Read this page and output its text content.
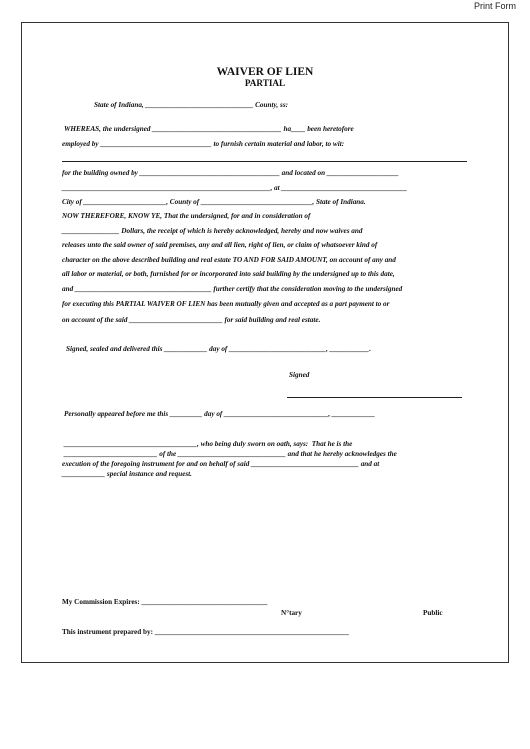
Print Form
WAIVER OF LIEN
PARTIAL
State of Indiana, ______________________________ County, ss:
WHEREAS, the undersigned ____________________________________ ha____ been heretofore
employed by _______________________________ to furnish certain material and labor, to wit:
for the building owned by _______________________________________ and located on ____________________
__________________________________________________________, at ___________________________________
City of _______________________, County of _______________________________, State of Indiana.
NOW THEREFORE, KNOW YE, That the undersigned, for and in consideration of
________________ Dollars, the receipt of which is hereby acknowledged, hereby and now waives and
releases unto the said owner of said premises, any and all lien, right of lien, or claim of whatsoever kind of
character on the above described building and real estate TO AND FOR SAID AMOUNT, on account of any and
all labor or material, or both, furnished for or incorporated into said building by the undersigned up to this date,
and ______________________________________ further certify that the consideration moving to the undersigned
for executing this PARTIAL WAIVER OF LIEN has been mutually given and accepted as a part payment to or
on account of the said __________________________ for said building and real estate.
Signed, sealed and delivered this ____________ day of ___________________________, ___________.
Signed
Personally appeared before me this _________ day of _____________________________, ____________
_____________________________________, who being duly sworn on oath, says:  That he is the
__________________________ of the ______________________________ and that he hereby acknowledges the
execution of the foregoing instrument for and on behalf of said ______________________________ and at
____________ special instance and request.
My Commission Expires: ___________________________________
N°tary	Public
This instrument prepared by: ______________________________________________________
